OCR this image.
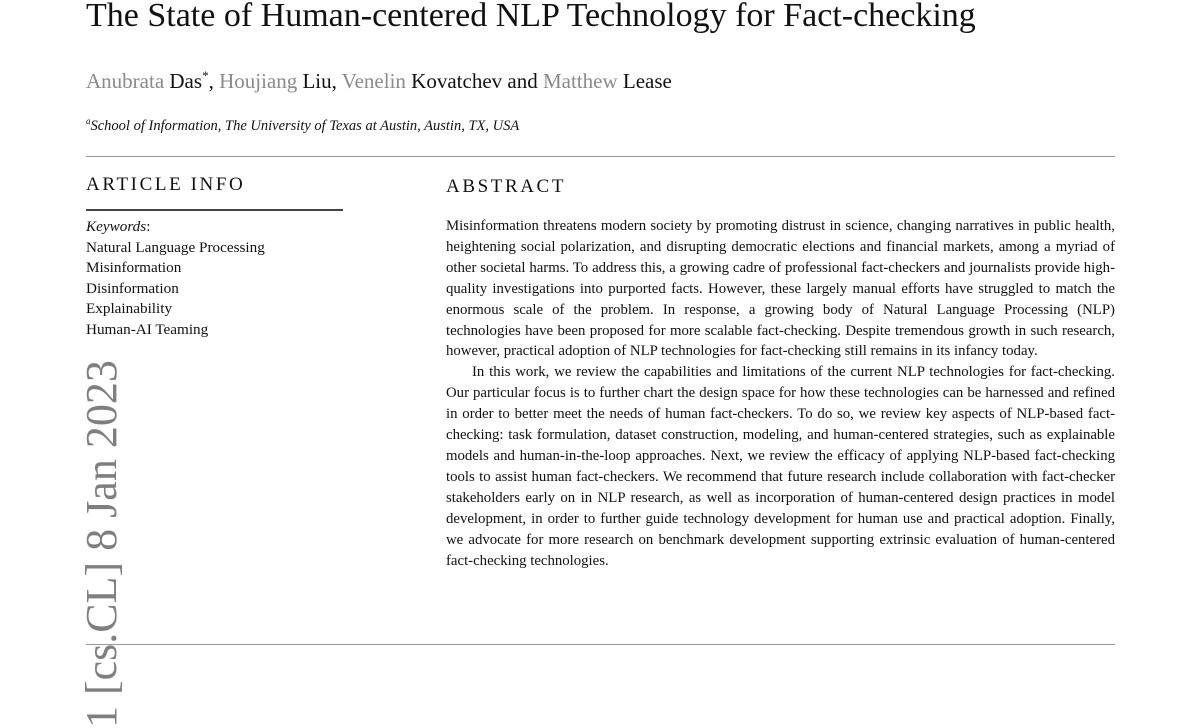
The State of Human-centered NLP Technology for Fact-checking
Anubrata Das*, Houjiang Liu, Venelin Kovatchev and Matthew Lease
$^a$School of Information, The University of Texas at Austin, Austin, TX, USA
ARTICLE INFO
Keywords:
Natural Language Processing
Misinformation
Disinformation
Explainability
Human-AI Teaming
ABSTRACT

Misinformation threatens modern society by promoting distrust in science, changing narratives in public health, heightening social polarization, and disrupting democratic elections and financial markets, among a myriad of other societal harms. To address this, a growing cadre of professional fact-checkers and journalists provide high-quality investigations into purported facts. However, these largely manual efforts have struggled to match the enormous scale of the problem. In response, a growing body of Natural Language Processing (NLP) technologies have been proposed for more scalable fact-checking. Despite tremendous growth in such research, however, practical adoption of NLP technologies for fact-checking still remains in its infancy today.

In this work, we review the capabilities and limitations of the current NLP technologies for fact-checking. Our particular focus is to further chart the design space for how these technologies can be harnessed and refined in order to better meet the needs of human fact-checkers. To do so, we review key aspects of NLP-based fact-checking: task formulation, dataset construction, modeling, and human-centered strategies, such as explainable models and human-in-the-loop approaches. Next, we review the efficacy of applying NLP-based fact-checking tools to assist human fact-checkers. We recommend that future research include collaboration with fact-checker stakeholders early on in NLP research, as well as incorporation of human-centered design practices in model development, in order to further guide technology development for human use and practical adoption. Finally, we advocate for more research on benchmark development supporting extrinsic evaluation of human-centered fact-checking technologies.

1 [cs.CL] 8 Jan 2023
